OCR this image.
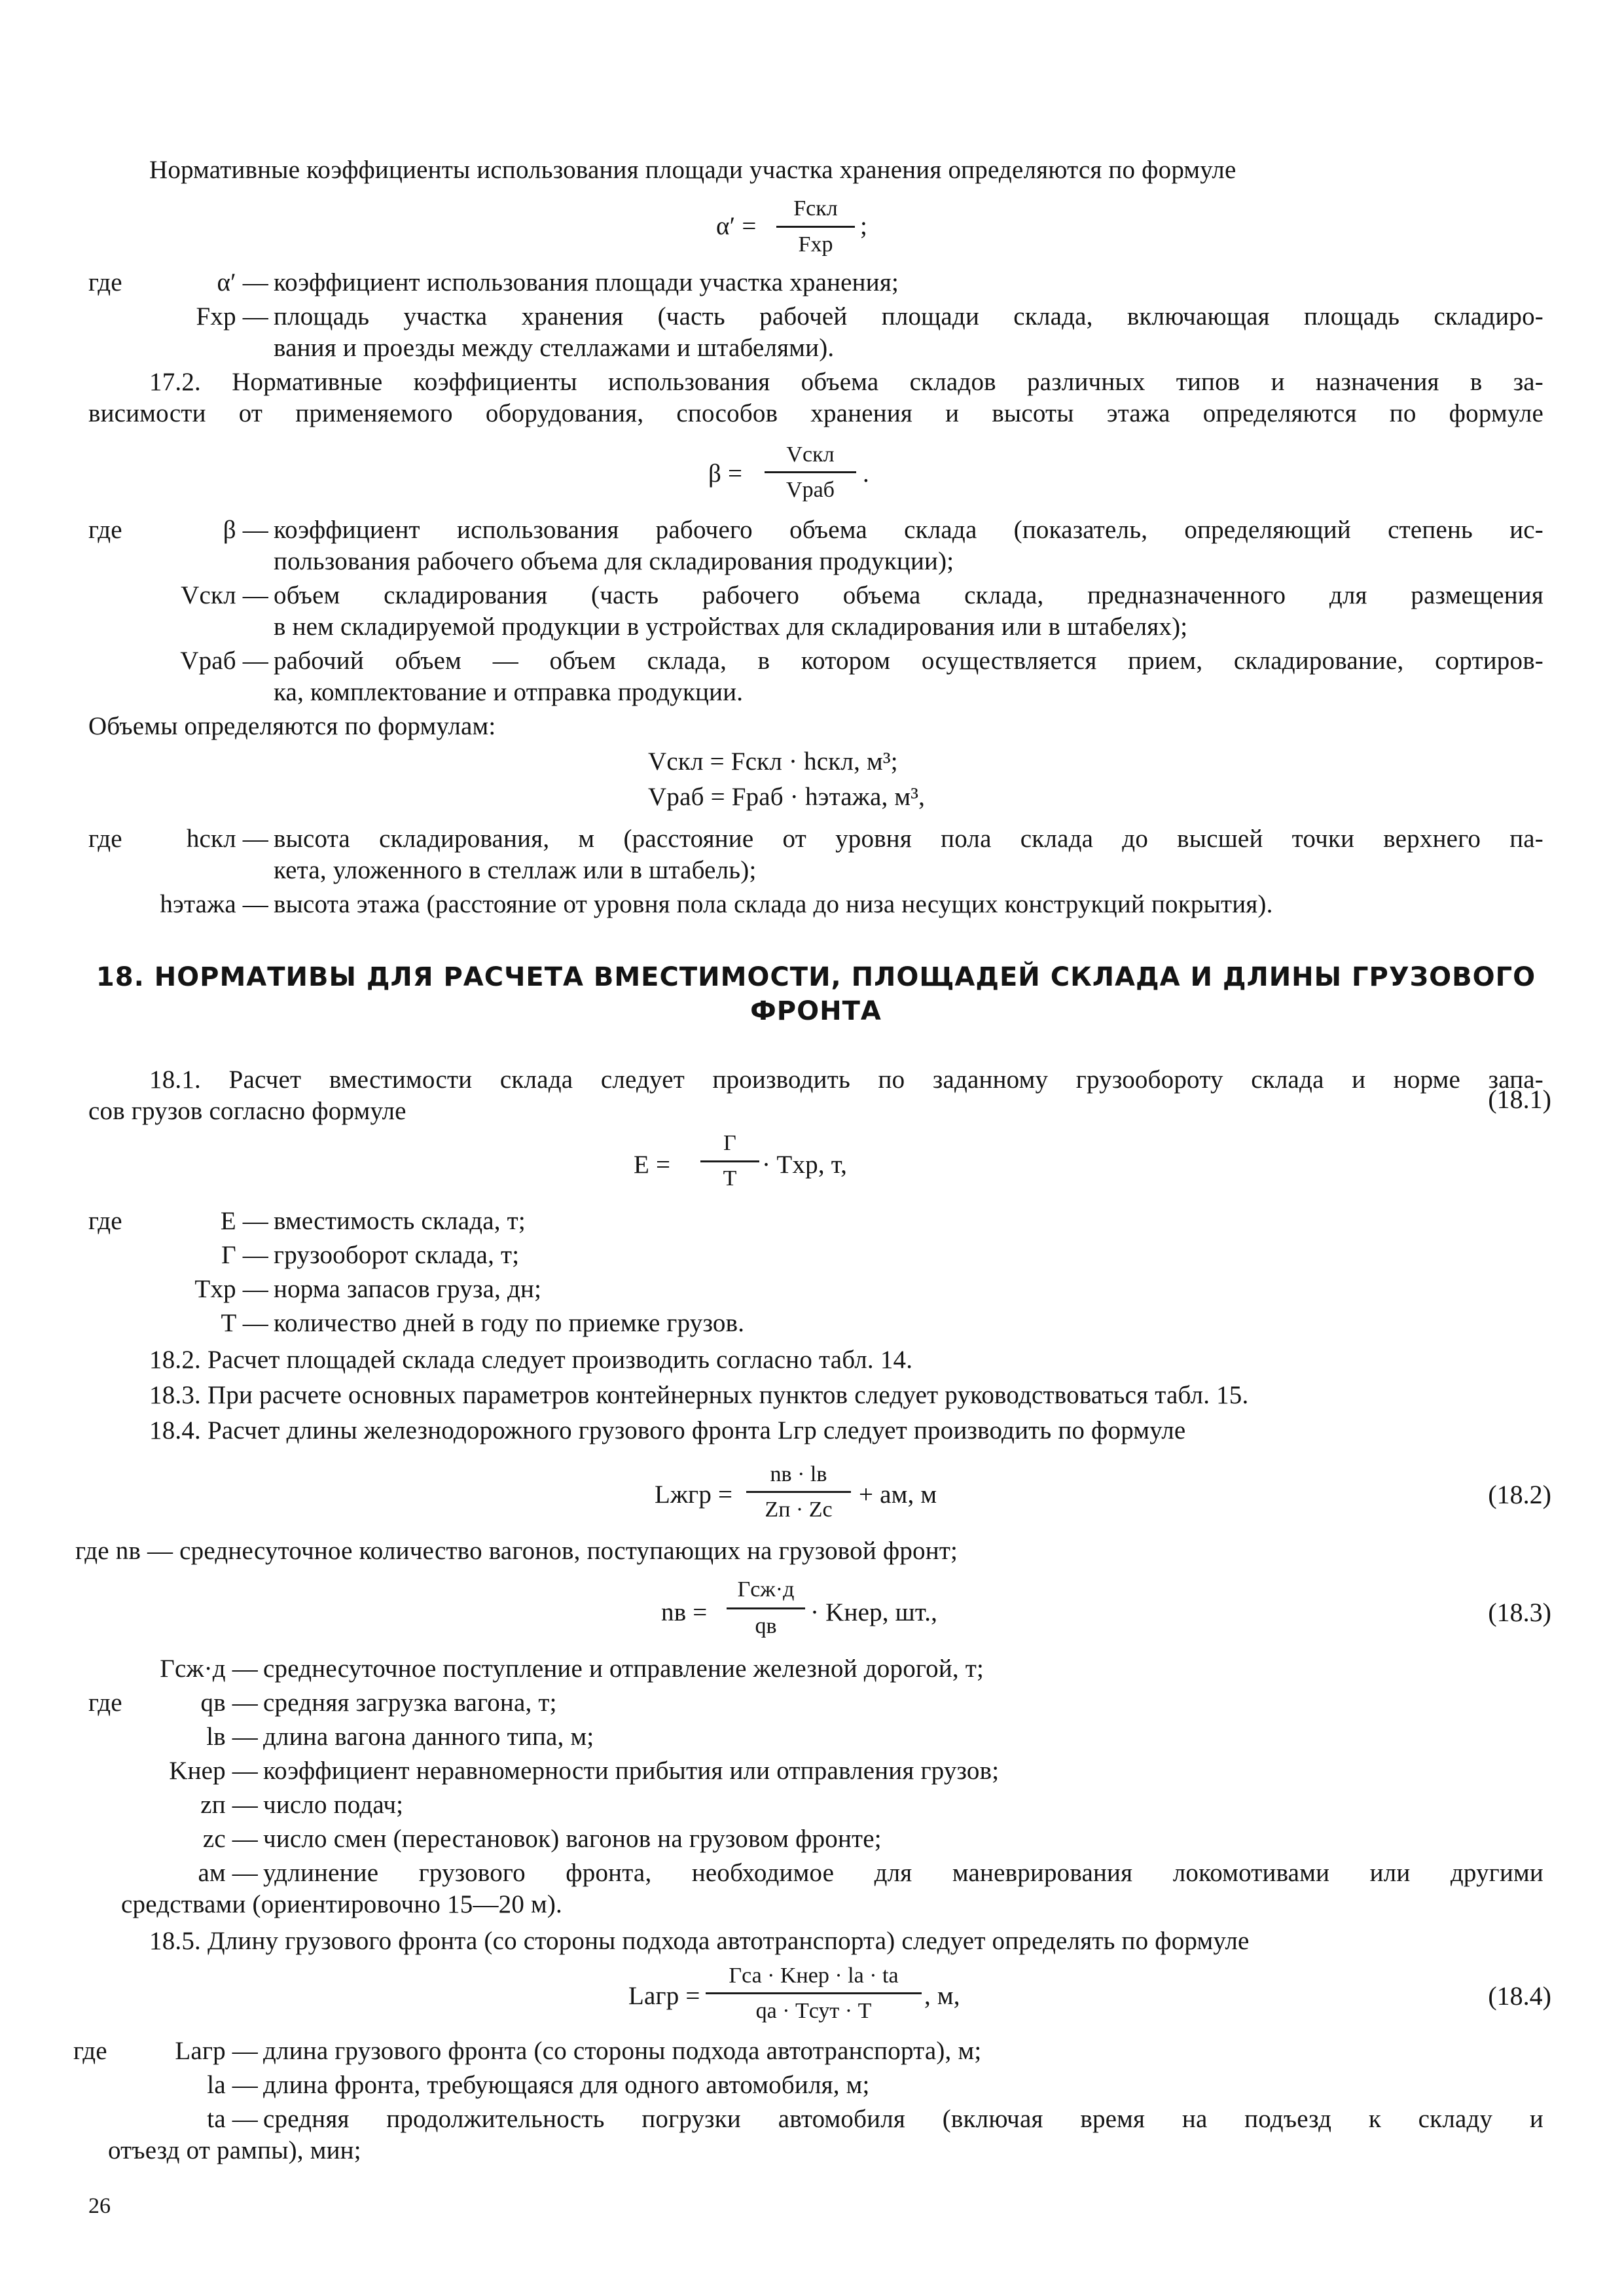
Нормативные коэффициенты использования площади участка хранения определяются по формуле
α′ =
Fскл
Fхр
;
где	α′ — коэффициент использования площади участка хранения;
Fхр — площадь участка хранения (часть рабочей площади склада, включающая площадь складиро-
вания и проезды между стеллажами и штабелями).
17.2. Нормативные коэффициенты использования объема складов различных типов и назначения в за-
висимости от применяемого оборудования, способов хранения и высоты этажа определяются по формуле
β =
Vскл
Vраб
.
где	β — коэффициент использования рабочего объема склада (показатель, определяющий степень ис-
пользования рабочего объема для складирования продукции);
Vскл — объем складирования (часть рабочего объема склада, предназначенного для размещения
в нем складируемой продукции в устройствах для складирования или в штабелях);
Vраб — рабочий объем — объем склада, в котором осуществляется прием, складирование, сортиров-
ка, комплектование и отправка продукции.
Объемы определяются по формулам:
Vскл = Fскл · hскл, м³;
Vраб = Fраб · hэтажа, м³,
где	hскл — высота складирования, м (расстояние от уровня пола склада до высшей точки верхнего па-
кета, уложенного в стеллаж или в штабель);
hэтажа — высота этажа (расстояние от уровня пола склада до низа несущих конструкций покрытия).
18. НОРМАТИВЫ ДЛЯ РАСЧЕТА ВМЕСТИМОСТИ, ПЛОЩАДЕЙ СКЛАДА И ДЛИНЫ ГРУЗОВОГО
ФРОНТА
18.1. Расчет вместимости склада следует производить по заданному грузообороту склада и норме запа-
сов грузов согласно формуле
E =
Г
T · Tхр, т,
(18.1)
где	E — вместимость склада, т;
Г — грузооборот склада, т;
Tхр — норма запасов груза, дн;
T — количество дней в году по приемке грузов.
18.2. Расчет площадей склада следует производить согласно табл. 14.
18.3. При расчете основных параметров контейнерных пунктов следует руководствоваться табл. 15.
18.4. Расчет длины железнодорожного грузового фронта Lгр следует производить по формуле
Lжгр =
nв · lв
Zп · Zс
+ aм, м	(18.2)
где nв — среднесуточное количество вагонов, поступающих на грузовой фронт;
nв =
Гсж·д
qв	· Kнер, шт.,	(18.3)
Гсж·д — среднесуточное поступление и отправление железной дорогой, т;
где	qв — средняя загрузка вагона, т;
lв — длина вагона данного типа, м;
Kнер — коэффициент неравномерности прибытия или отправления грузов;
zп — число подач;
zс — число смен (перестановок) вагонов на грузовом фронте;
aм — удлинение грузового фронта, необходимое для маневрирования локомотивами или другими
средствами (ориентировочно 15—20 м).
18.5. Длину грузового фронта (со стороны подхода автотранспорта) следует определять по формуле
Lагр =
Гса · Kнер · lа · tа
qа · Tсут · T
, м,	(18.4)
где	Lагр — длина грузового фронта (со стороны подхода автотранспорта), м;
lа — длина фронта, требующаяся для одного автомобиля, м;
tа — средняя продолжительность погрузки автомобиля (включая время на подъезд к складу и
отъезд от рампы), мин;
26
